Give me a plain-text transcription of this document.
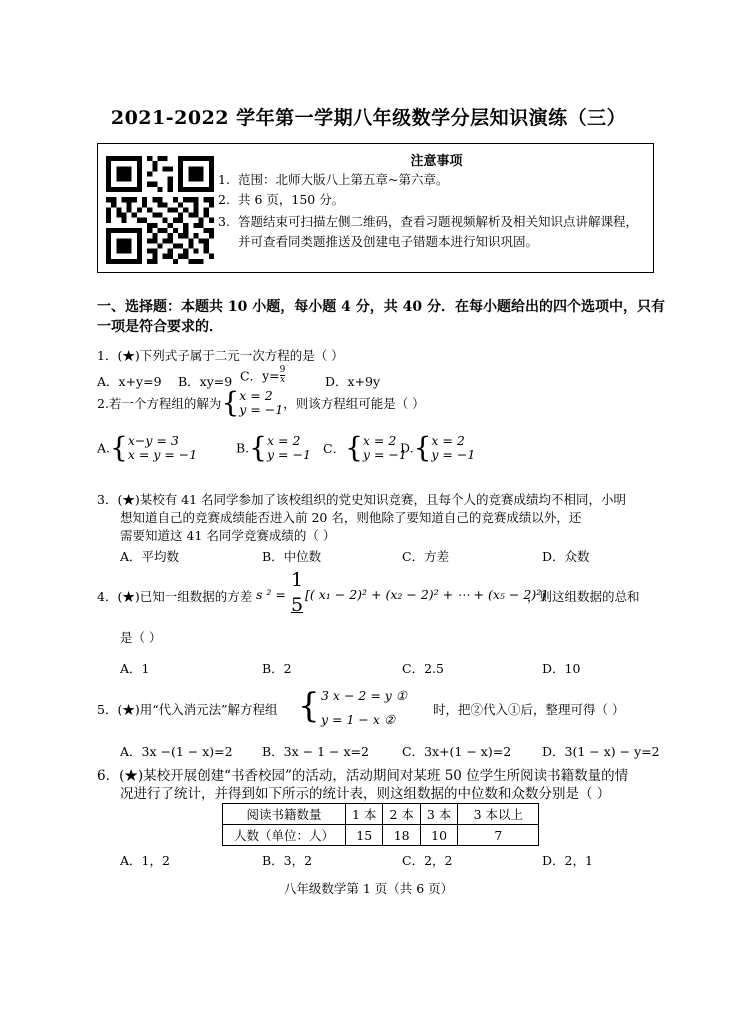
2021-2022 学年第一学期八年级数学分层知识演练（三）
注意事项
1. 范围：北师大版八上第五章~第六章。
2. 共 6 页，150 分。
3. 答题结束可扫描左侧二维码，查看习题视频解析及相关知识点讲解课程，并可查看同类题推送及创建电子错题本进行知识巩固。
一、选择题：本题共 10 小题，每小题 4 分，共 40 分．在每小题给出的四个选项中，只有
一项是符合要求的．
1．(★)下列式子属于二元一次方程的是（ ）
A．x+y=9 B．xy=9 C．$y= \frac{9}{x}$	D．x+9y
2.若一个方程组的解为{x = 2
y = −1，则该方程组可能是（ ）
A.{x−y = 3
x = y = −1	B.{x = 2
y = −1 C．{x = 2
y = −1
D.{x = 2
y = −1
3．(★)某校有 41 名同学参加了该校组织的党史知识竞赛，且每个人的竞赛成绩均不相同，小明
想知道自己的竞赛成绩能否进入前 20 名，则他除了要知道自己的竞赛成绩以外，还
需要知道这 41 名同学竞赛成绩的（ ）
A．平均数	B．中位数	C．方差	D．众数
4．(★)已知一组数据的方差 s ² =
1
5 [( x₁ − 2)² + (x₂ − 2)² + ⋯ + (x₅ − 2)²]
，则这组数据的总和
是（ ）
A．1	B．2	C．2.5	D．10
5．(★)用“代入消元法”解方程组 { 3 x − 2 = y ①
y = 1 − x ②
时，把②代入①后，整理可得（ ）
A．3x −(1 − x)=2 B．3x − 1 − x=2	C．3x+(1 − x)=2 D．3(1 − x) − y=2
6．(★)某校开展创建“书香校园”的活动，活动期间对某班 50 位学生所阅读书籍数量的情
况进行了统计，并得到如下所示的统计表，则这组数据的中位数和众数分别是（ ）
阅读书籍数量	1 本	2 本	3 本	3 本以上
人数（单位：人）	15	18	10	7
A．1，2	B．3，2	C．2，2	D．2，1
八年级数学第 1 页（共 6 页）
